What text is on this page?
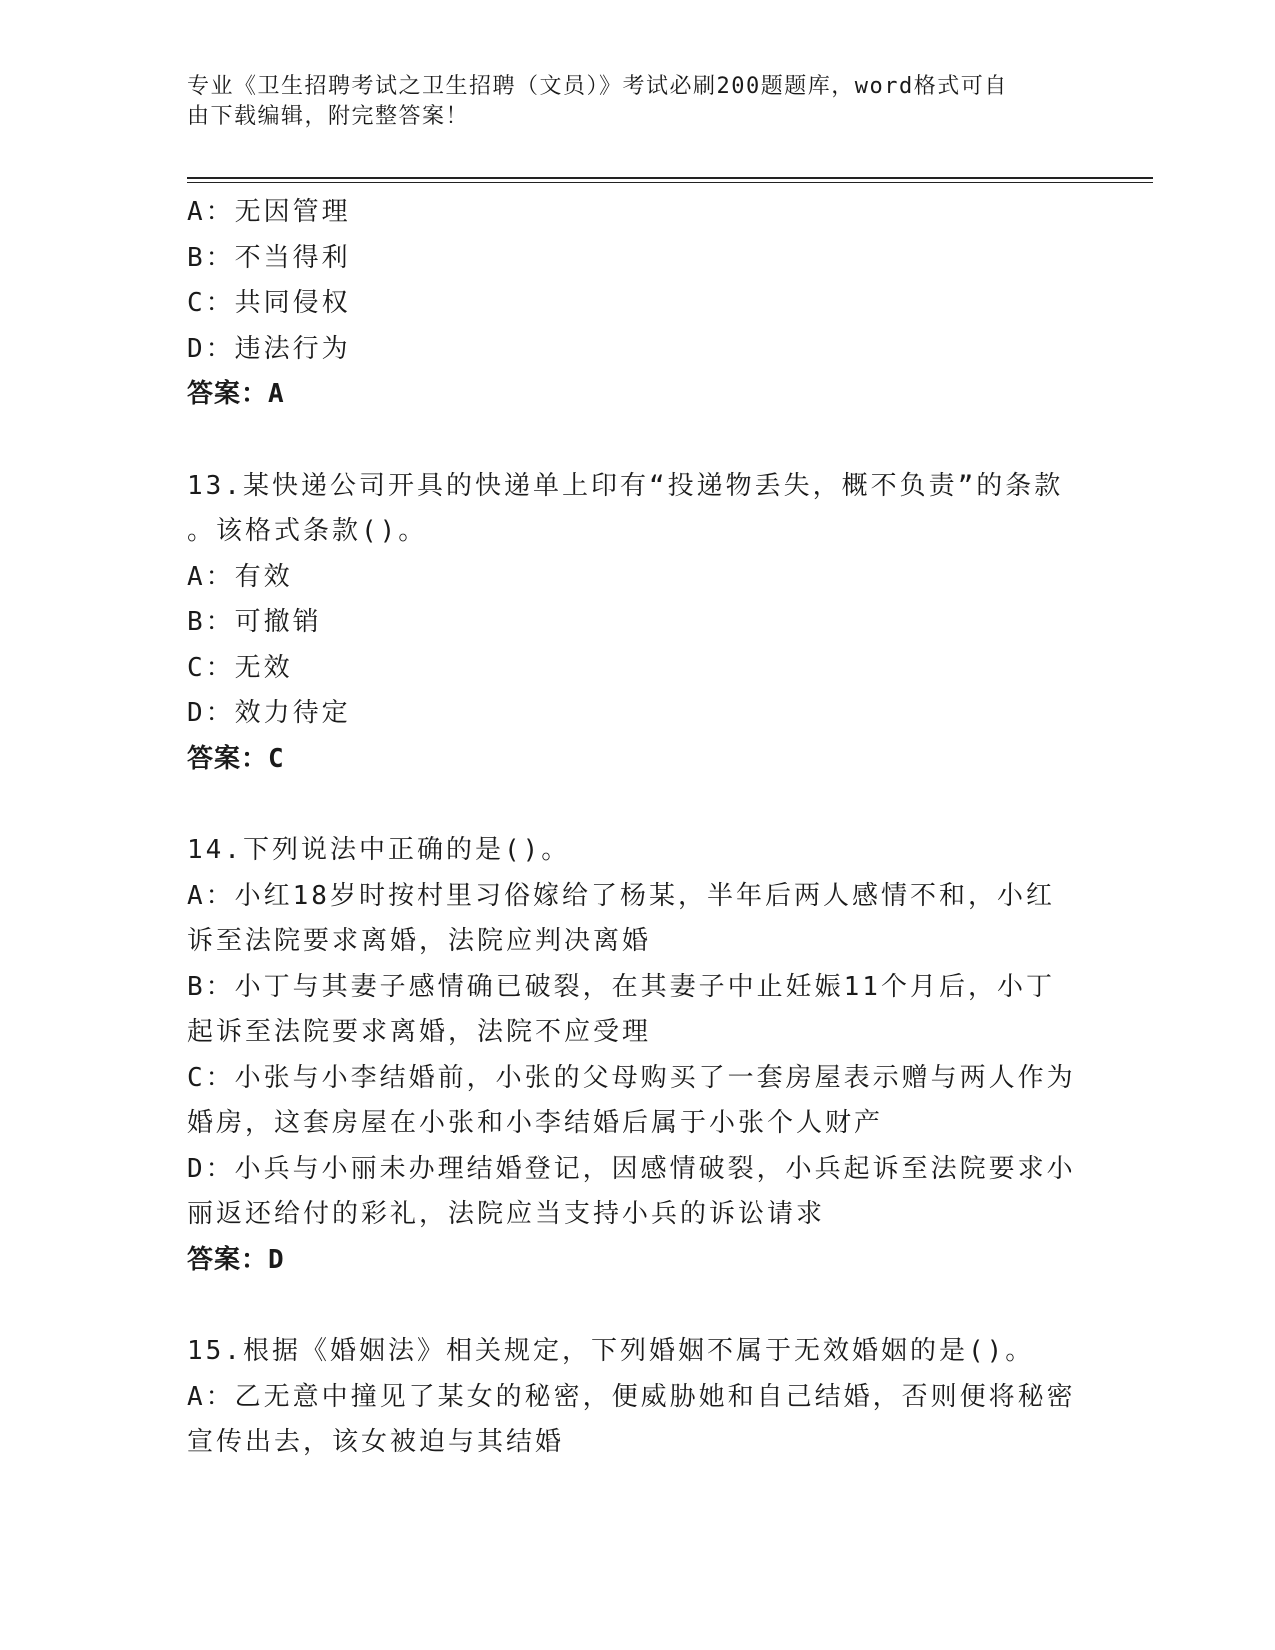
专业《卫生招聘考试之卫生招聘（文员）》考试必刷200题题库，word格式可自
由下载编辑，附完整答案！
A：无因管理
B：不当得利
C：共同侵权
D：违法行为
答案：A
13.某快递公司开具的快递单上印有“投递物丢失，概不负责”的条款
。该格式条款()。
A：有效
B：可撤销
C：无效
D：效力待定
答案：C
14.下列说法中正确的是()。
A：小红18岁时按村里习俗嫁给了杨某，半年后两人感情不和，小红
诉至法院要求离婚，法院应判决离婚
B：小丁与其妻子感情确已破裂，在其妻子中止妊娠11个月后，小丁
起诉至法院要求离婚，法院不应受理
C：小张与小李结婚前，小张的父母购买了一套房屋表示赠与两人作为
婚房，这套房屋在小张和小李结婚后属于小张个人财产
D：小兵与小丽未办理结婚登记，因感情破裂，小兵起诉至法院要求小
丽返还给付的彩礼，法院应当支持小兵的诉讼请求
答案：D
15.根据《婚姻法》相关规定，下列婚姻不属于无效婚姻的是()。
A：乙无意中撞见了某女的秘密，便威胁她和自己结婚，否则便将秘密
宣传出去，该女被迫与其结婚
